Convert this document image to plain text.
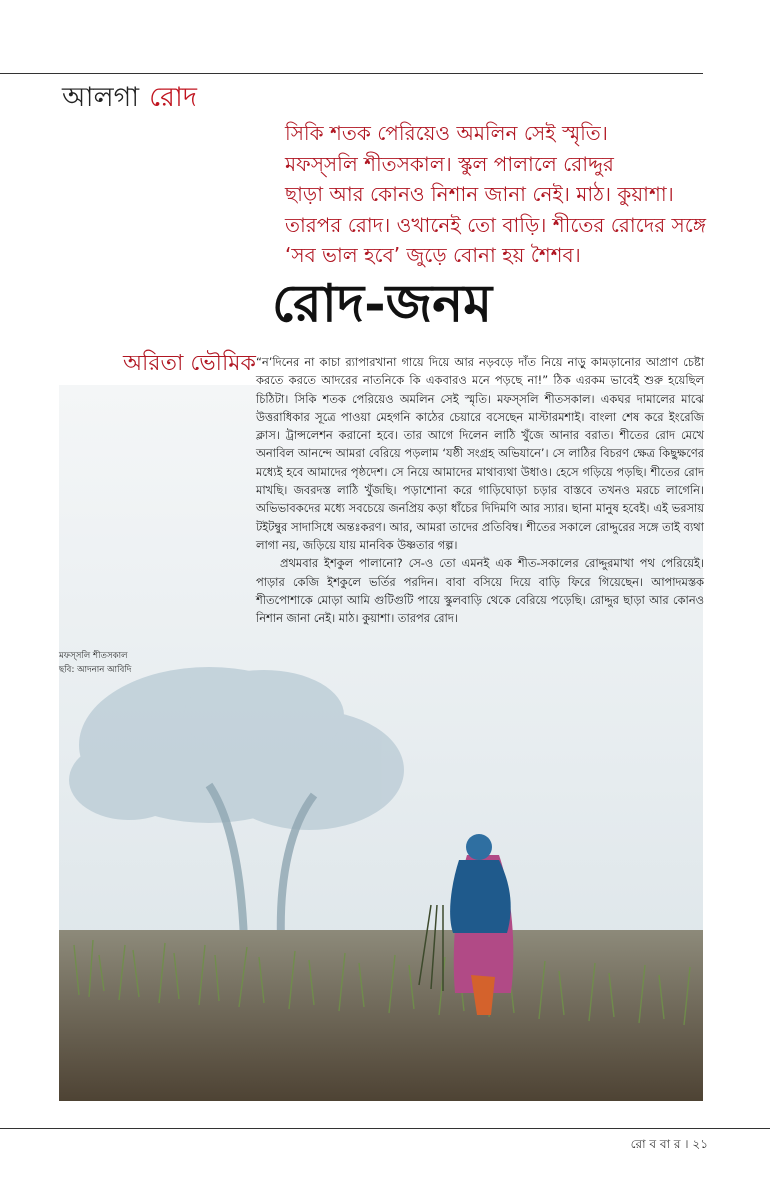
আলগা রোদ
সিকি শতক পেরিয়েও অমলিন সেই স্মৃতি।
মফস্সলি শীতসকাল। স্কুল পালালে রোদ্দুর
ছাড়া আর কোনও নিশান জানা নেই। মাঠ। কুয়াশা।
তারপর রোদ। ওখানেই তো বাড়ি। শীতের রোদের সঙ্গে
‘সব ভাল হবে’ জুড়ে বোনা হয় শৈশব।
রোদ-জনম
অরিতা ভৌমিক “ন’দিনের না কাচা র‍্যাপারখানা গায়ে দিয়ে আর নড়বড়ে দাঁত নিয়ে নাড়ু কামড়ানোর আপ্রাণ চেষ্টা করতে করতে আদরের নাতনিকে কি একবারও মনে পড়ছে না!” ঠিক এরকম ভাবেই শুরু হয়েছিল চিঠিটা। সিকি শতক পেরিয়েও অমলিন সেই স্মৃতি। মফস্সলি শীতসকাল। একঘর দামালের মাঝে উত্তরাধিকার সূত্রে পাওয়া মেহগনি কাঠের চেয়ারে বসেছেন মাস্টারমশাই। বাংলা শেষ করে ইংরেজি ক্লাস। ট্রান্সলেশন করানো হবে। তার আগে দিলেন লাঠি খুঁজে আনার বরাত। শীতের রোদ মেখে অনাবিল আনন্দে আমরা বেরিয়ে পড়লাম ‘যষ্ঠী সংগ্রহ অভিযানে’। সে লাঠির বিচরণ ক্ষেত্র কিছুক্ষণের মধ্যেই হবে আমাদের পৃষ্ঠদেশ। সে নিয়ে আমাদের মাথাব্যথা উধাও। হেসে গড়িয়ে পড়ছি। শীতের রোদ মাখছি। জবরদস্ত লাঠি খুঁজছি। পড়াশোনা করে গাড়িঘোড়া চড়ার বাস্তবে তখনও মরচে লাগেনি। অভিভাবকদের মধ্যে সবচেয়ে জনপ্রিয় কড়া ধাঁচের দিদিমণি আর স্যার। ছানা মানুষ হবেই। এই ভরসায় টইটম্বুর সাদাসিধে অন্তঃকরণ। আর, আমরা তাদের প্রতিবিম্ব। শীতের সকালে রোদ্দুরের সঙ্গে তাই ব্যথা লাগা নয়, জড়িয়ে যায় মানবিক উষ্ণতার গল্প।

প্রথমবার ইশকুল পালানো? সে-ও তো এমনই এক শীত-সকালের রোদ্দুরমাখা পথ পেরিয়েই। পাড়ার কেজি ইশকুলে ভর্তির পরদিন। বাবা বসিয়ে দিয়ে বাড়ি ফিরে গিয়েছেন। আপাদমস্তক শীতপোশাকে মোড়া আমি গুটিগুটি পায়ে স্কুলবাড়ি থেকে বেরিয়ে পড়েছি। রোদ্দুর ছাড়া আর কোনও নিশান জানা নেই। মাঠ। কুয়াশা। তারপর রোদ।

মফস্সলি শীতসকাল
ছবি: আদনান আবিদি
রো ব বা র । ২১
